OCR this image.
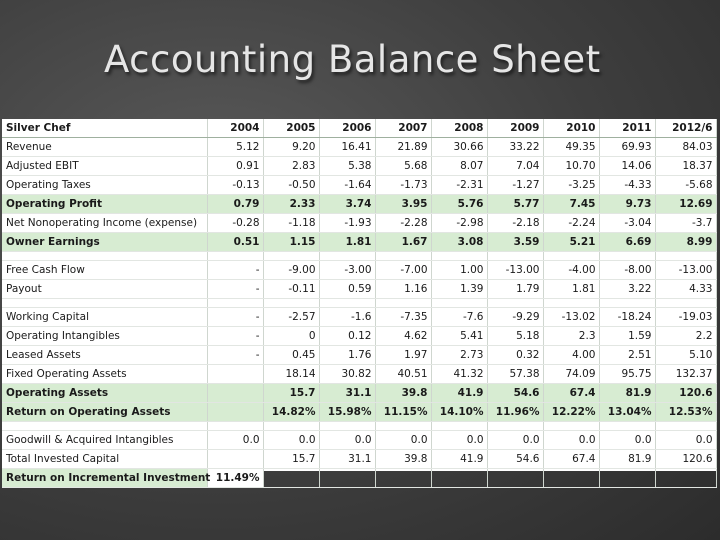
Accounting Balance Sheet
Silver Chef	2004	2005	2006	2007	2008	2009	2010	2011	2012/6
Revenue	5.12	9.20	16.41	21.89	30.66	33.22	49.35	69.93	84.03
Adjusted EBIT	0.91	2.83	5.38	5.68	8.07	7.04	10.70	14.06	18.37
Operating Taxes	-0.13	-0.50	-1.64	-1.73	-2.31	-1.27	-3.25	-4.33	-5.68
Operating Profit	0.79	2.33	3.74	3.95	5.76	5.77	7.45	9.73	12.69
Net Nonoperating Income (expense)	-0.28	-1.18	-1.93	-2.28	-2.98	-2.18	-2.24	-3.04	-3.7
Owner Earnings	0.51	1.15	1.81	1.67	3.08	3.59	5.21	6.69	8.99

Free Cash Flow	-	-9.00	-3.00	-7.00	1.00	-13.00	-4.00	-8.00	-13.00
Payout	-	-0.11	0.59	1.16	1.39	1.79	1.81	3.22	4.33

Working Capital	-	-2.57	-1.6	-7.35	-7.6	-9.29	-13.02	-18.24	-19.03
Operating Intangibles	-	0	0.12	4.62	5.41	5.18	2.3	1.59	2.2
Leased Assets	-	0.45	1.76	1.97	2.73	0.32	4.00	2.51	5.10
Fixed Operating Assets		18.14	30.82	40.51	41.32	57.38	74.09	95.75	132.37
Operating Assets		15.7	31.1	39.8	41.9	54.6	67.4	81.9	120.6
Return on Operating Assets		14.82%	15.98%	11.15%	14.10%	11.96%	12.22%	13.04%	12.53%

Goodwill & Acquired Intangibles	0.0	0.0	0.0	0.0	0.0	0.0	0.0	0.0	0.0
Total Invested Capital		15.7	31.1	39.8	41.9	54.6	67.4	81.9	120.6
Return on Incremental Investment	11.49%								
